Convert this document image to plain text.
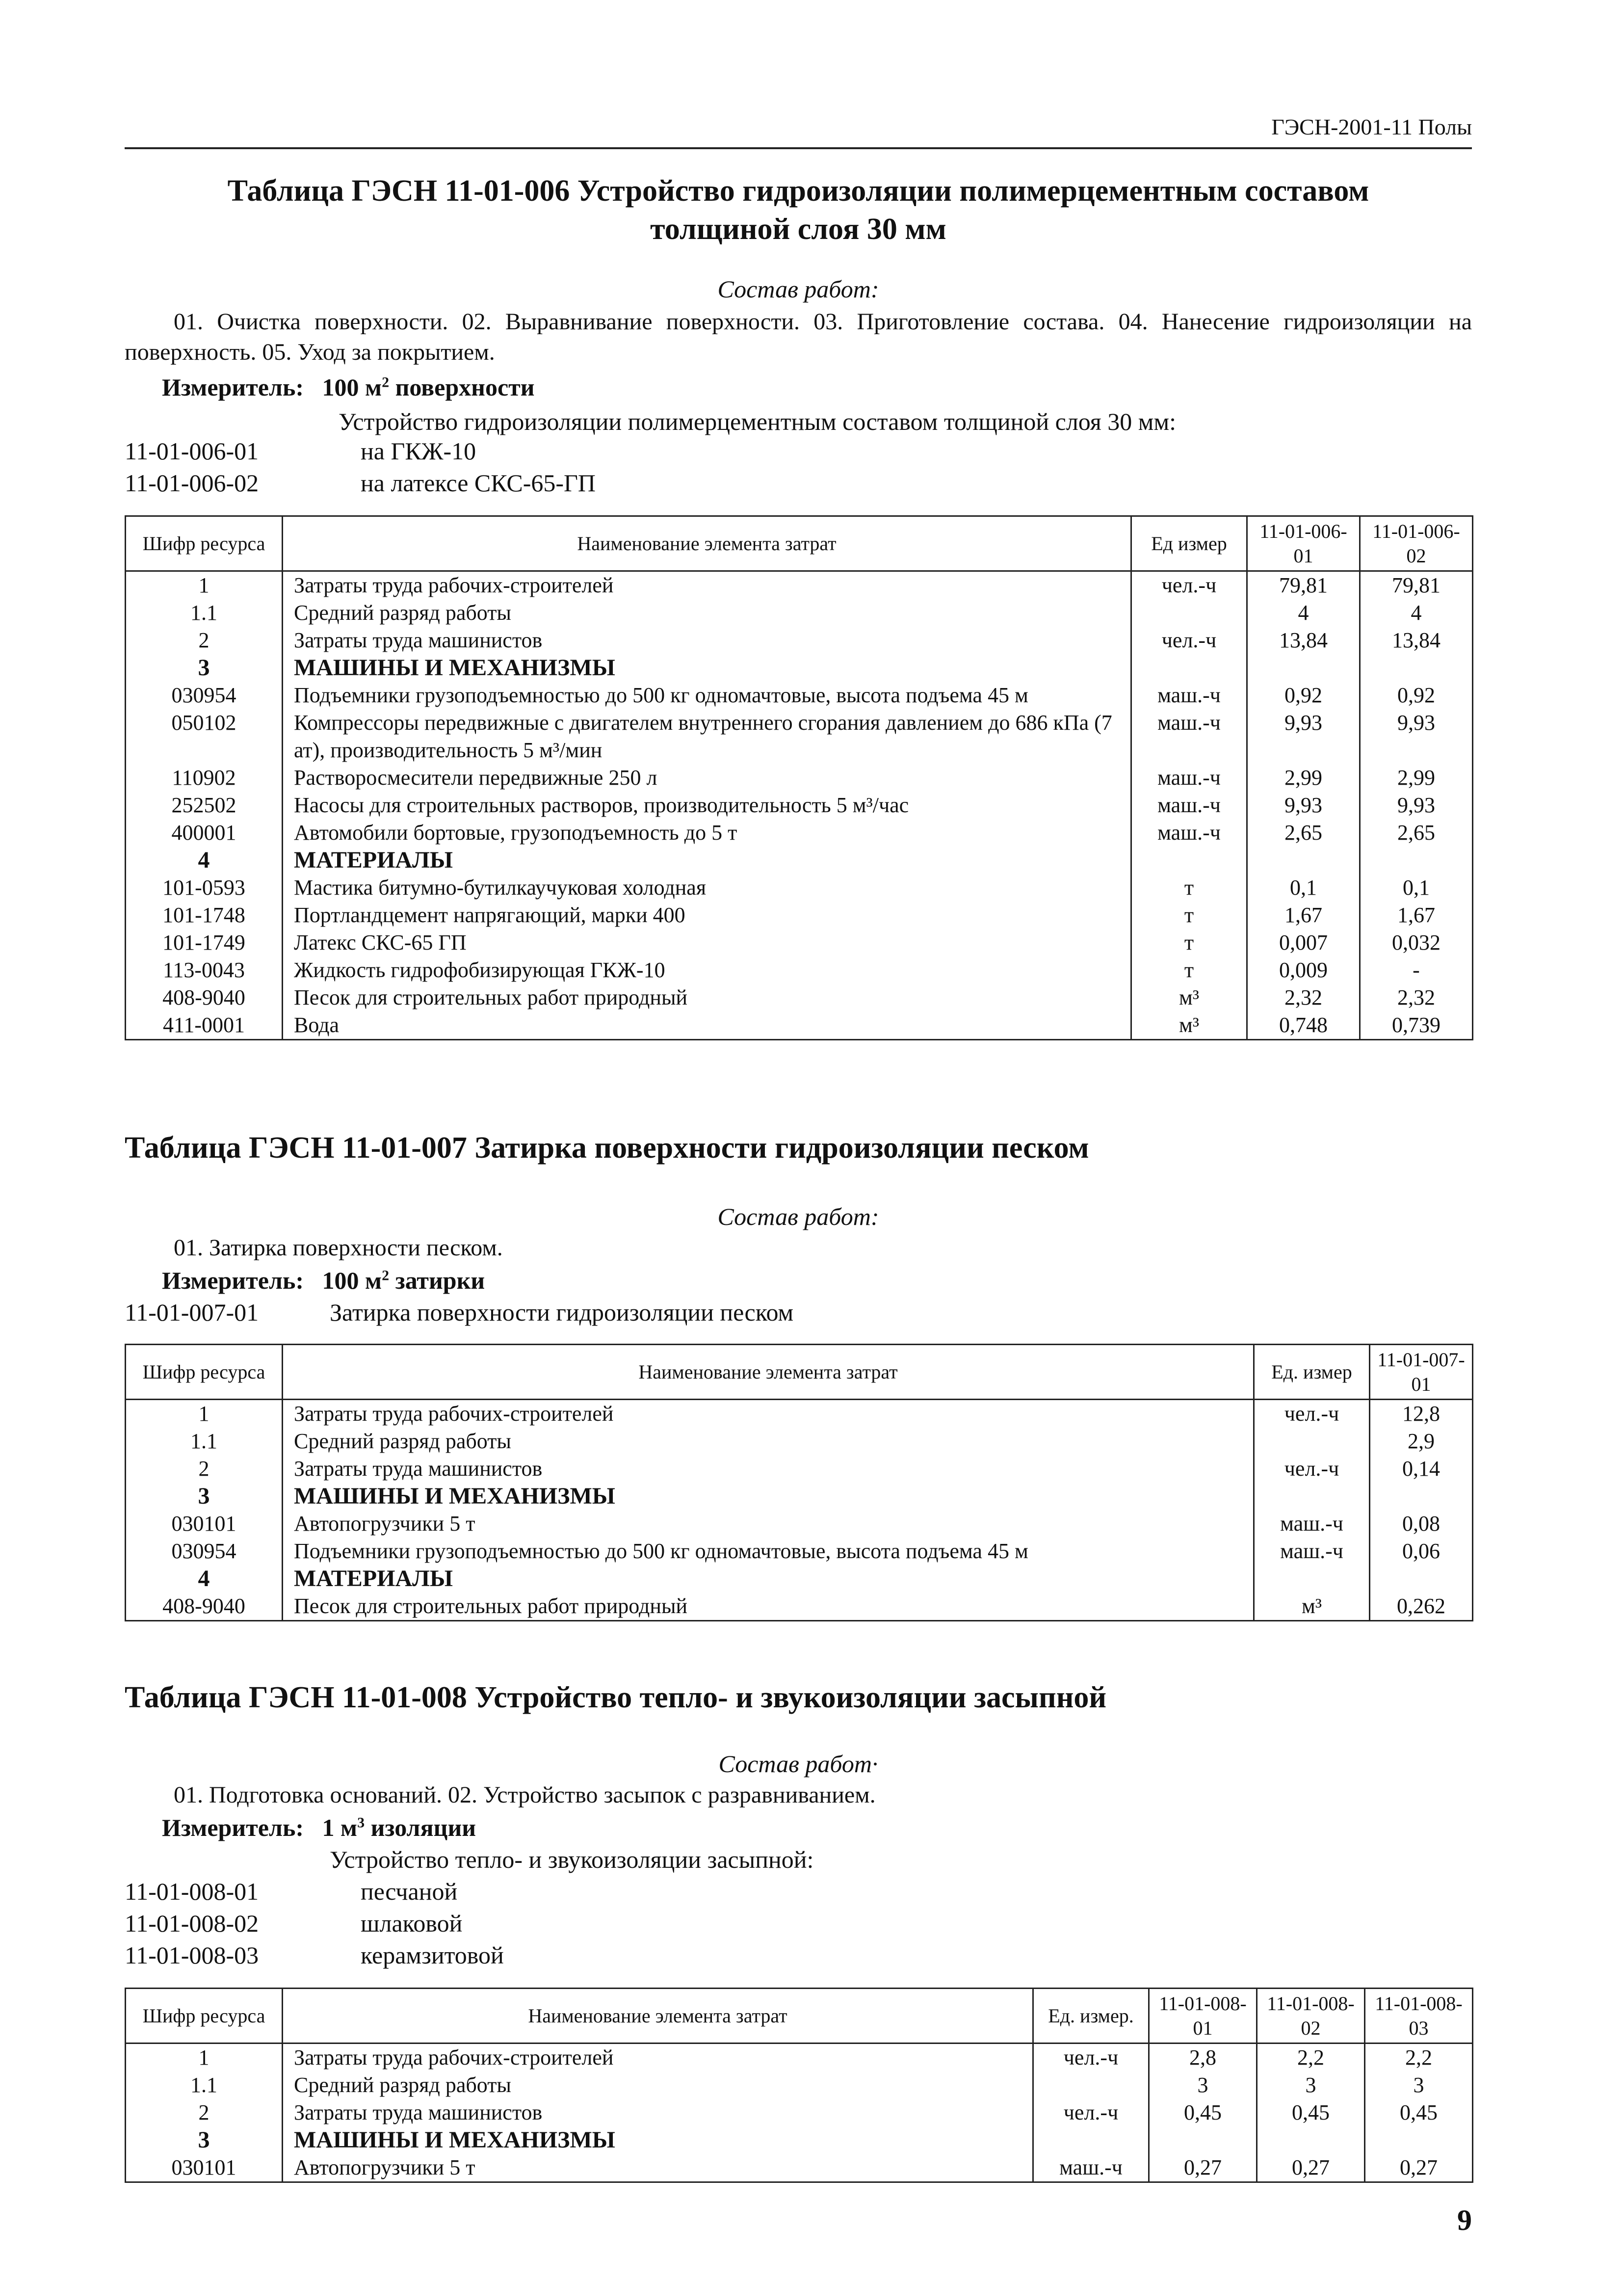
ГЭСН-2001-11 Полы
Таблица ГЭСН 11-01-006 Устройство гидроизоляции полимерцементным составом
толщиной слоя 30 мм
Состав работ:
01. Очистка поверхности. 02. Выравнивание поверхности. 03. Приготовление состава. 04. Нанесение гидроизоляции на поверхность. 05. Уход за покрытием.
Измеритель: 100 $м^2$ поверхности
Устройство гидроизоляции полимерцементным составом толщиной слоя 30 мм:
11-01-006-01	на ГКЖ-10
11-01-006-02	на латексе СКС-65-ГП
Шифр ресурса	Наименование элемента затрат	Ед измер	11-01-006-01	11-01-006-02
1	Затраты труда рабочих-строителей	чел.-ч	79,81	79,81
1.1	Средний разряд работы		4	4
2	Затраты труда машинистов	чел.-ч	13,84	13,84
3	МАШИНЫ И МЕХАНИЗМЫ			
030954	Подъемники грузоподъемностью до 500 кг одномачтовые, высота подъема 45 м	маш.-ч	0,92	0,92
050102	Компрессоры передвижные с двигателем внутреннего сгорания давлением до 686 кПа (7 ат), производительность 5 м³/мин	маш.-ч	9,93	9,93
110902	Растворосмесители передвижные 250 л	маш.-ч	2,99	2,99
252502	Насосы для строительных растворов, производительность 5 м³/час	маш.-ч	9,93	9,93
400001	Автомобили бортовые, грузоподъемность до 5 т	маш.-ч	2,65	2,65
4	МАТЕРИАЛЫ			
101-0593	Мастика битумно-бутилкаучуковая холодная	т	0,1	0,1
101-1748	Портландцемент напрягающий, марки 400	т	1,67	1,67
101-1749	Латекс СКС-65 ГП	т	0,007	0,032
113-0043	Жидкость гидрофобизирующая ГКЖ-10	т	0,009	-
408-9040	Песок для строительных работ природный	м³	2,32	2,32
411-0001	Вода	м³	0,748	0,739
Таблица ГЭСН 11-01-007 Затирка поверхности гидроизоляции песком
Состав работ:
01. Затирка поверхности песком.
Измеритель: 100 $м^2$ затирки
11-01-007-01	Затирка поверхности гидроизоляции песком
Шифр ресурса	Наименование элемента затрат	Ед. измер	11-01-007-01
1	Затраты труда рабочих-строителей	чел.-ч	12,8
1.1	Средний разряд работы		2,9
2	Затраты труда машинистов	чел.-ч	0,14
3	МАШИНЫ И МЕХАНИЗМЫ		
030101	Автопогрузчики 5 т	маш.-ч	0,08
030954	Подъемники грузоподъемностью до 500 кг одномачтовые, высота подъема 45 м	маш.-ч	0,06
4	МАТЕРИАЛЫ		
408-9040	Песок для строительных работ природный	м³	0,262
Таблица ГЭСН 11-01-008 Устройство тепло- и звукоизоляции засыпной
Состав работ·
01. Подготовка оснований. 02. Устройство засыпок с разравниванием.
Измеритель: 1 $м^3$ изоляции
Устройство тепло- и звукоизоляции засыпной:
11-01-008-01	песчаной
11-01-008-02	шлаковой
11-01-008-03	керамзитовой
Шифр ресурса	Наименование элемента затрат	Ед. измер.	11-01-008-01	11-01-008-02	11-01-008-03
1	Затраты труда рабочих-строителей	чел.-ч	2,8	2,2	2,2
1.1	Средний разряд работы		3	3	3
2	Затраты труда машинистов	чел.-ч	0,45	0,45	0,45
3	МАШИНЫ И МЕХАНИЗМЫ				
030101	Автопогрузчики 5 т	маш.-ч	0,27	0,27	0,27
9
